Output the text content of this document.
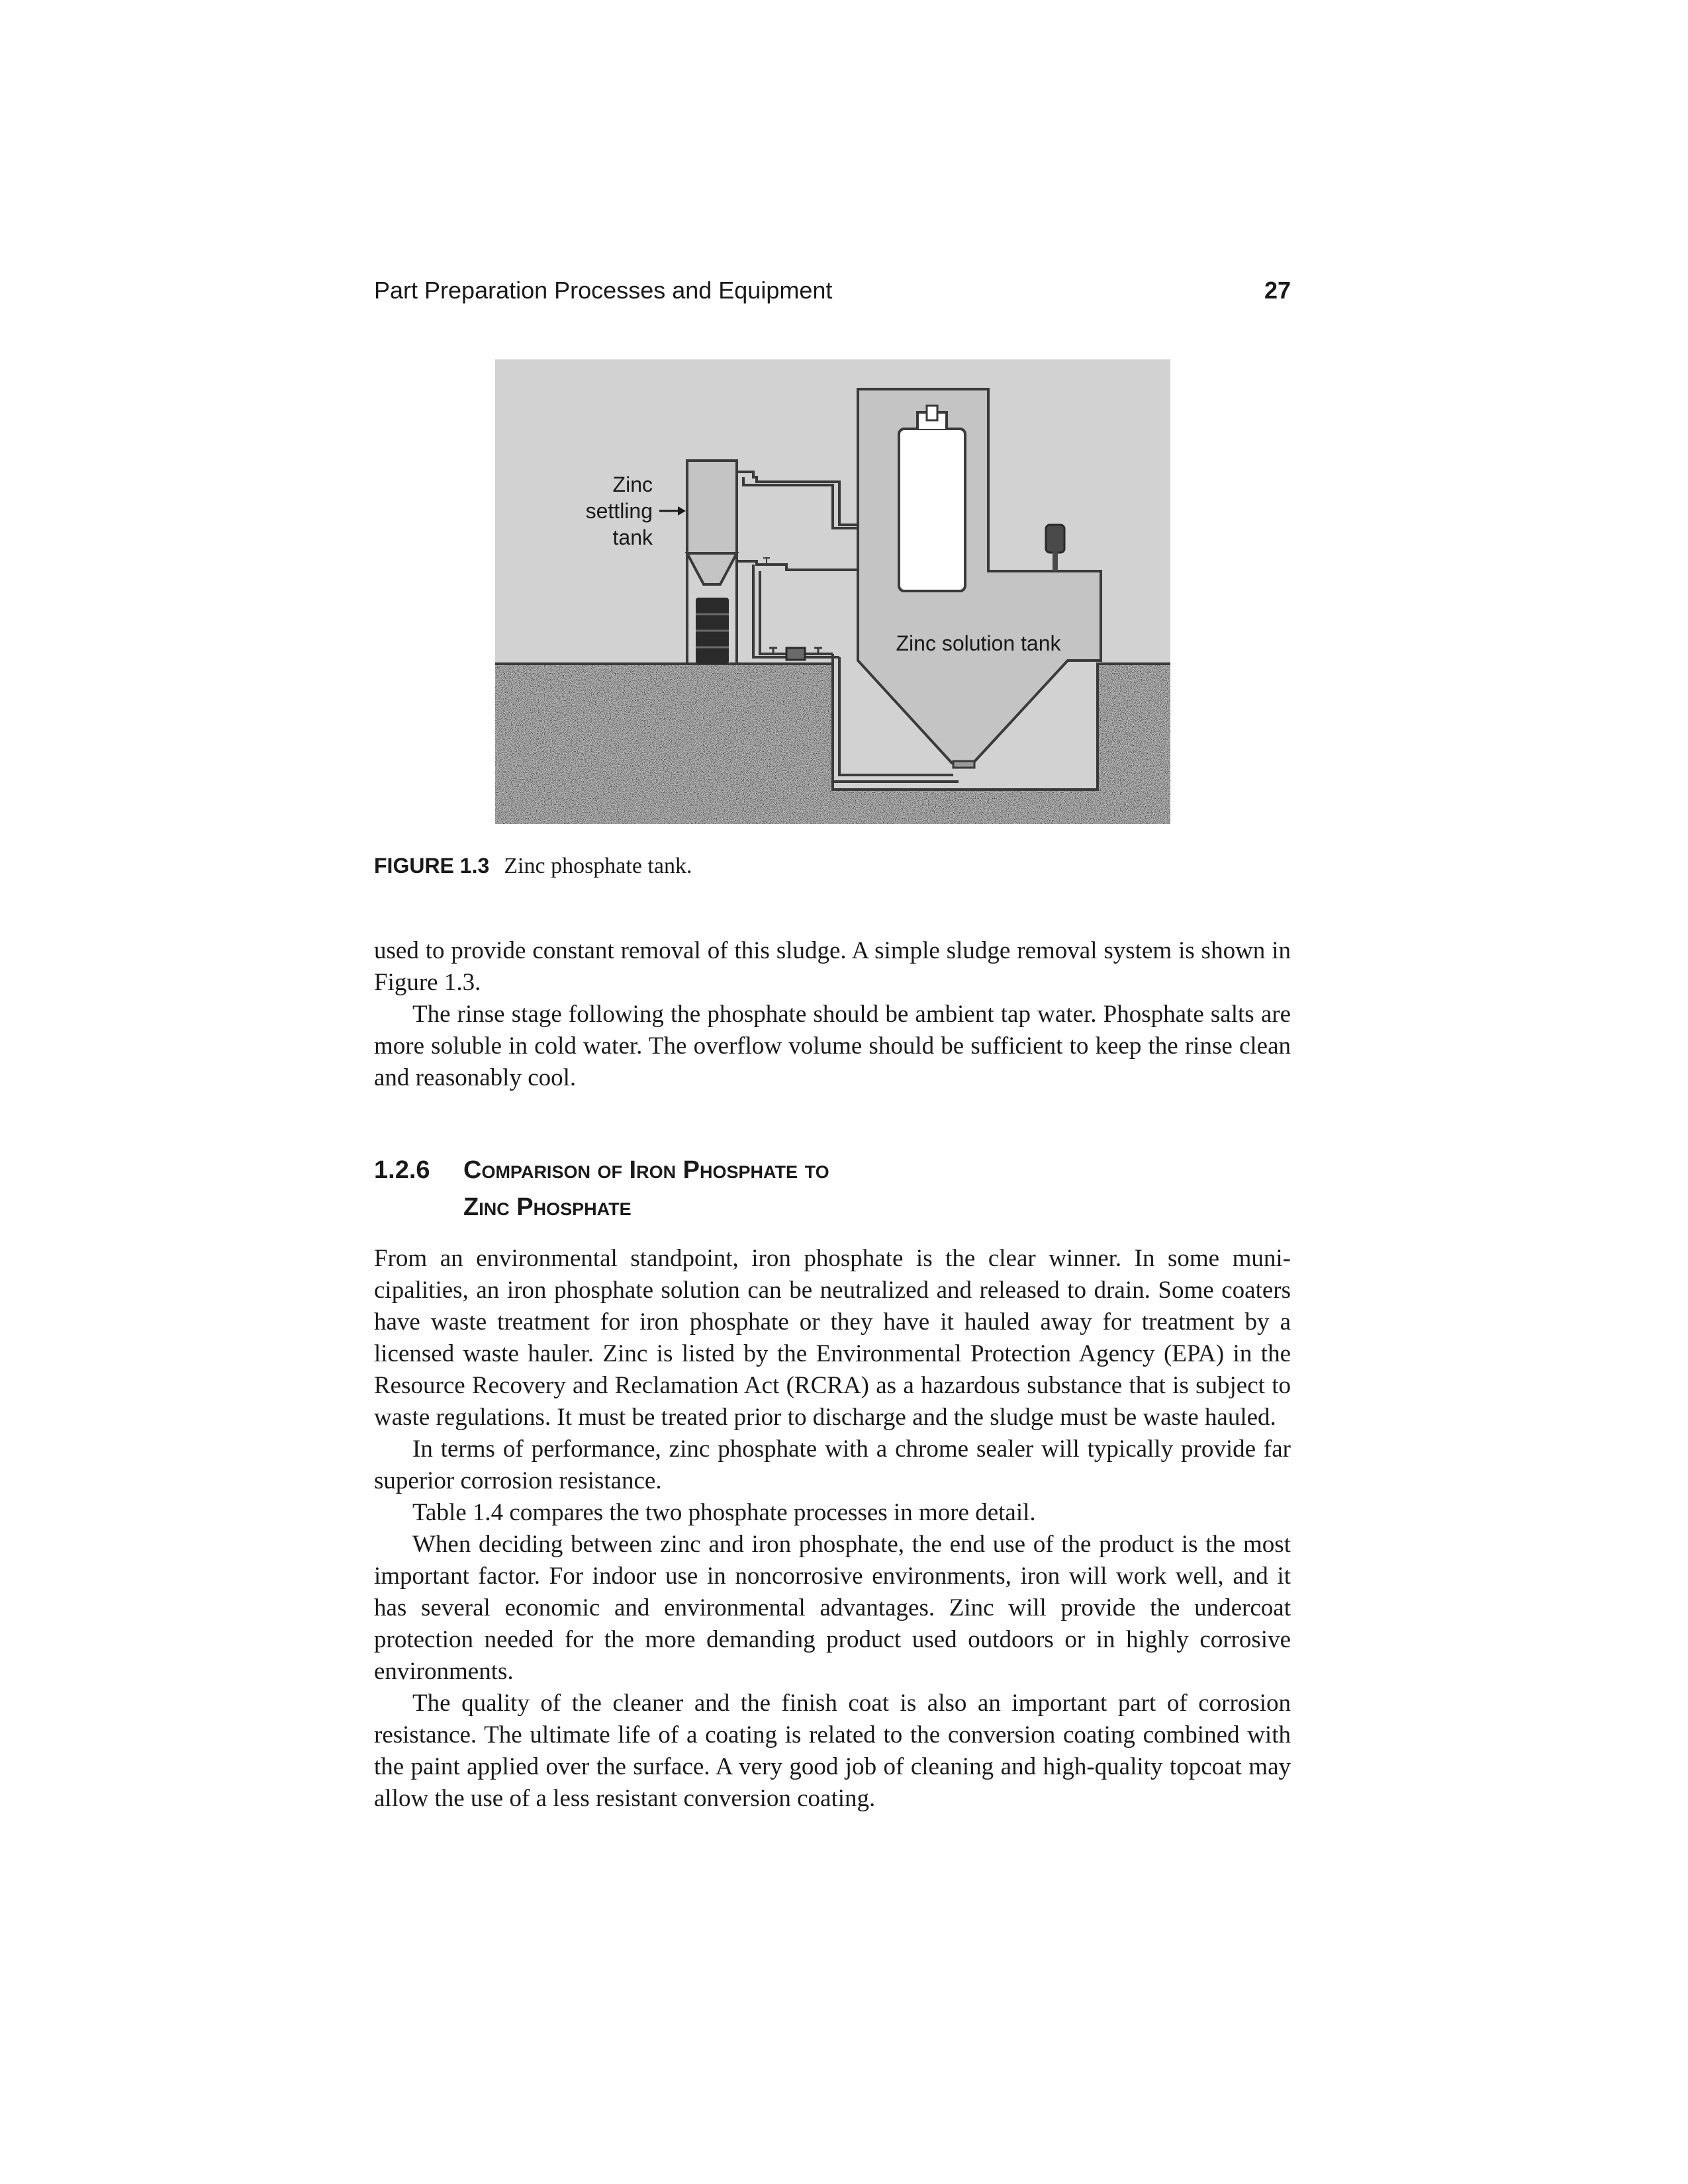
Part Preparation Processes and Equipment	27
Zinc
settling
tank
Zinc solution tank
FIGURE 1.3 Zinc phosphate tank.

used to provide constant removal of this sludge. A simple sludge removal system is shown in Figure 1.3.

The rinse stage following the phosphate should be ambient tap water. Phosphate salts are more soluble in cold water. The overflow volume should be sufficient to keep the rinse clean and reasonably cool.

1.2.6 Comparison of Iron Phosphate to
Zinc Phosphate

From an environmental standpoint, iron phosphate is the clear winner. In some municipalities, an iron phosphate solution can be neutralized and released to drain. Some coaters have waste treatment for iron phosphate or they have it hauled away for treatment by a licensed waste hauler. Zinc is listed by the Environmental Protection Agency (EPA) in the Resource Recovery and Reclamation Act (RCRA) as a hazardous substance that is subject to waste regulations. It must be treated prior to discharge and the sludge must be waste hauled.

In terms of performance, zinc phosphate with a chrome sealer will typically provide far superior corrosion resistance.

Table 1.4 compares the two phosphate processes in more detail.

When deciding between zinc and iron phosphate, the end use of the product is the most important factor. For indoor use in noncorrosive environments, iron will work well, and it has several economic and environmental advantages. Zinc will provide the undercoat protection needed for the more demanding product used outdoors or in highly corrosive environments.

The quality of the cleaner and the finish coat is also an important part of corrosion resistance. The ultimate life of a coating is related to the conversion coating combined with the paint applied over the surface. A very good job of cleaning and high-quality topcoat may allow the use of a less resistant conversion coating.
